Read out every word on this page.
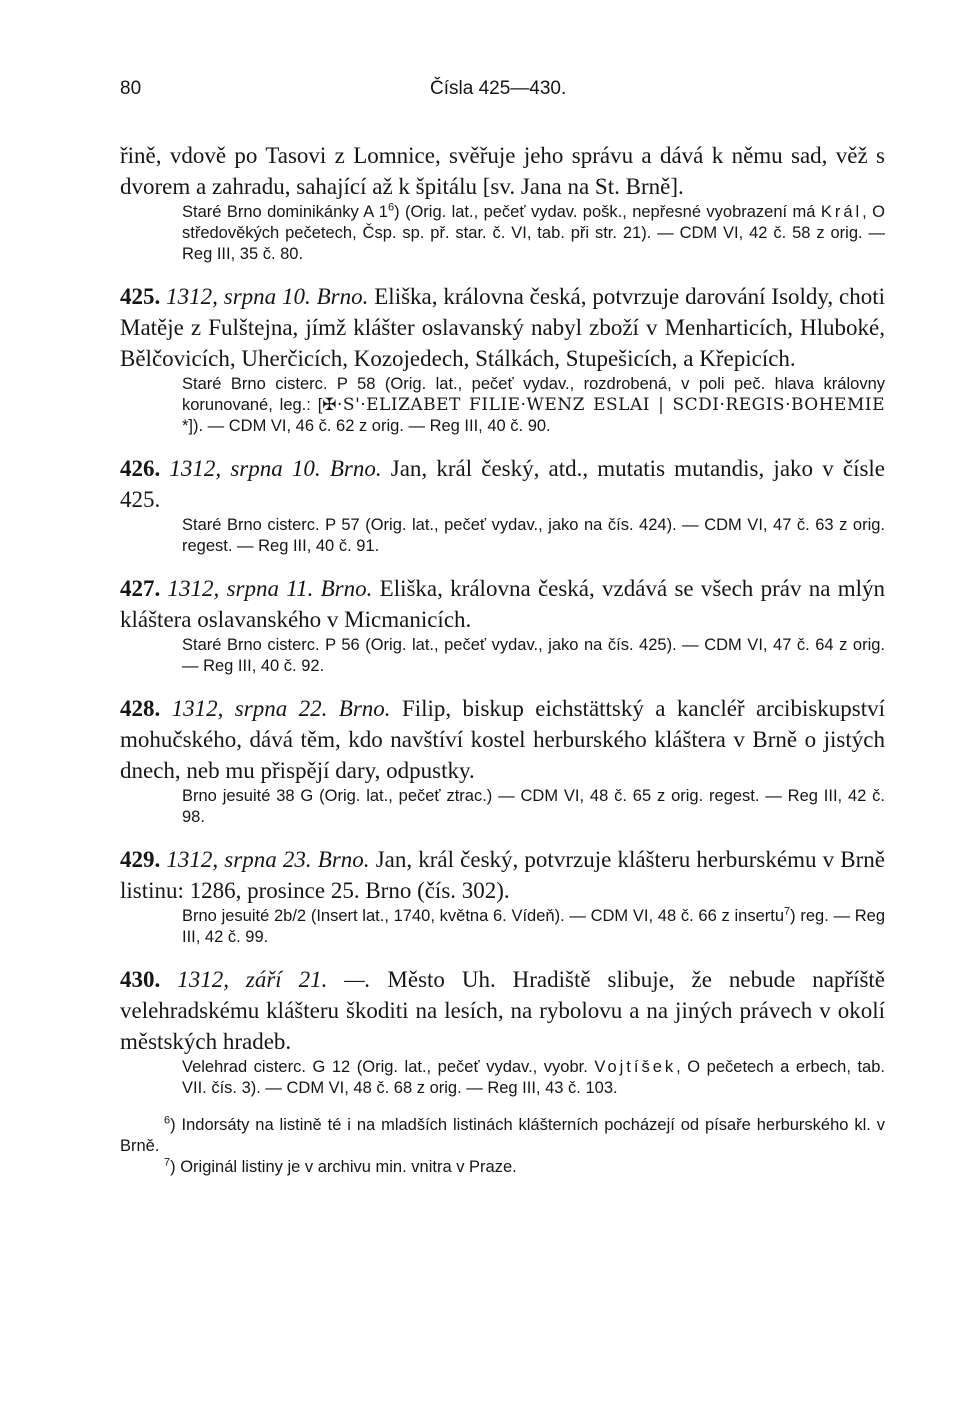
80	Čísla 425—430.

řině, vdově po Tasovi z Lomnice, svěřuje jeho správu a dává k němu sad, věž s dvorem a zahradu, sahající až k špitálu [sv. Jana na St. Brně].

Staré Brno dominikánky A $1^6$) (Orig. lat., pečeť vydav. pošk., nepřesné vyobrazení má Král, O středověkých pečetech, Čsp. sp. př. star. č. VI, tab. při str. 21). — CDM VI, 42 č. 58 z orig. — Reg III, 35 č. 80.

425. 1312, srpna 10. Brno. Eliška, královna česká, potvrzuje darování Isoldy, choti Matěje z Fulštejna, jímž klášter oslavanský nabyl zboží v Menharticích, Hluboké, Bělčovicích, Uherčicích, Kozojedech, Stálkách, Stupešicích, a Křepicích.

Staré Brno cisterc. P 58 (Orig. lat., pečeť vydav., rozdrobená, v poli peč. hlava královny korunované, leg.: [✠·S'·ELIZABET FILIE·WENZ ESLAI | SCDI·REGIS·BOHEMIE *]). — CDM VI, 46 č. 62 z orig. — Reg III, 40 č. 90.

426. 1312, srpna 10. Brno. Jan, král český, atd., mutatis mutandis, jako v čísle 425.

Staré Brno cisterc. P 57 (Orig. lat., pečeť vydav., jako na čís. 424). — CDM VI, 47 č. 63 z orig. regest. — Reg III, 40 č. 91.

427. 1312, srpna 11. Brno. Eliška, královna česká, vzdává se všech práv na mlýn kláštera oslavanského v Micmanicích.

Staré Brno cisterc. P 56 (Orig. lat., pečeť vydav., jako na čís. 425). — CDM VI, 47 č. 64 z orig. — Reg III, 40 č. 92.

428. 1312, srpna 22. Brno. Filip, biskup eichstättský a kancléř arcibiskupství mohučského, dává těm, kdo navštíví kostel herburského kláštera v Brně o jistých dnech, neb mu přispějí dary, odpustky.

Brno jesuité 38 G (Orig. lat., pečeť ztrac.) — CDM VI, 48 č. 65 z orig. regest. — Reg III, 42 č. 98.

429. 1312, srpna 23. Brno. Jan, král český, potvrzuje klášteru herburskému v Brně listinu: 1286, prosince 25. Brno (čís. 302).

Brno jesuité 2b/2 (Insert lat., 1740, května 6. Vídeň). — CDM VI, 48 č. 66 z insertu$^7$) reg. — Reg III, 42 č. 99.

430. 1312, září 21. —. Město Uh. Hradiště slibuje, že nebude napříště velehradskému klášteru škoditi na lesích, na rybolovu a na jiných právech v okolí městských hradeb.

Velehrad cisterc. G 12 (Orig. lat., pečeť vydav., vyobr. Vojtíšek, O pečetech a erbech, tab. VII. čís. 3). — CDM VI, 48 č. 68 z orig. — Reg III, 43 č. 103.

$^6$) Indorsáty na listině té i na mladších listinách klášterních pocházejí od písaře herburského kl. v Brně.

$^7$) Originál listiny je v archivu min. vnitra v Praze.
